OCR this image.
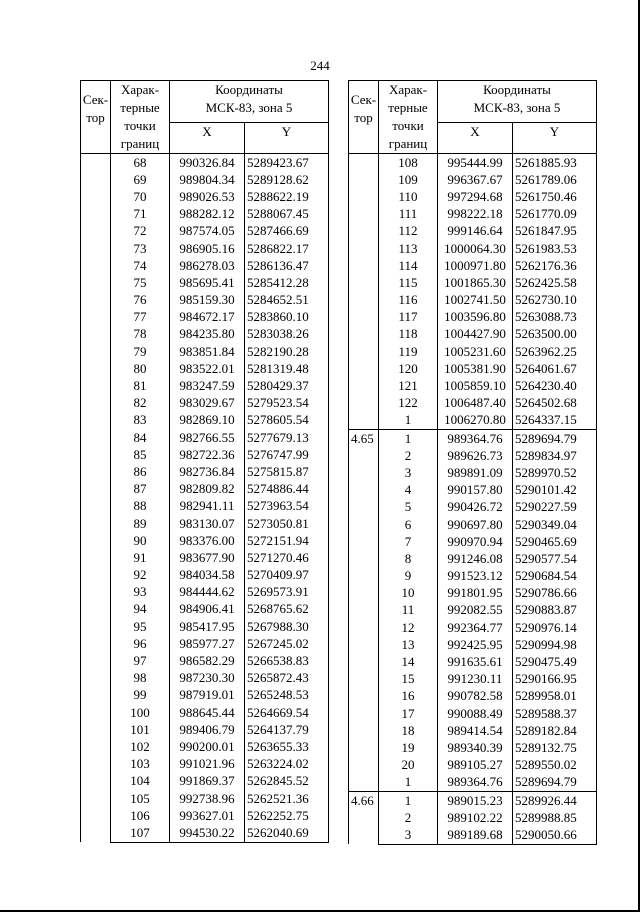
244
Сек-
тор	Харак-
терные
точки
границ	Координаты
МСК-83, зона 5	
		X	Y
	68	990326.84	5289423.67
	69	989804.34	5289128.62
	70	989026.53	5288622.19
	71	988282.12	5288067.45
	72	987574.05	5287466.69
	73	986905.16	5286822.17
	74	986278.03	5286136.47
	75	985695.41	5285412.28
	76	985159.30	5284652.51
	77	984672.17	5283860.10
	78	984235.80	5283038.26
	79	983851.84	5282190.28
	80	983522.01	5281319.48
	81	983247.59	5280429.37
	82	983029.67	5279523.54
	83	982869.10	5278605.54
	84	982766.55	5277679.13
	85	982722.36	5276747.99
	86	982736.84	5275815.87
	87	982809.82	5274886.44
	88	982941.11	5273963.54
	89	983130.07	5273050.81
	90	983376.00	5272151.94
	91	983677.90	5271270.46
	92	984034.58	5270409.97
	93	984444.62	5269573.91
	94	984906.41	5268765.62
	95	985417.95	5267988.30
	96	985977.27	5267245.02
	97	986582.29	5266538.83
	98	987230.30	5265872.43
	99	987919.01	5265248.53
	100	988645.44	5264669.54
	101	989406.79	5264137.79
	102	990200.01	5263655.33
	103	991021.96	5263224.02
	104	991869.37	5262845.52
	105	992738.96	5262521.36
	106	993627.01	5262252.75
	107	994530.22	5262040.69
Сек-
тор	Харак-
терные
точки
границ	Координаты
МСК-83, зона 5	
		X	Y

	108	995444.99	5261885.93
	109	996367.67	5261789.06
	110	997294.68	5261750.46
	111	998222.18	5261770.09
	112	999146.64	5261847.95
	113	1000064.30	5261983.53
	114	1000971.80	5262176.36
	115	1001865.30	5262425.58
	116	1002741.50	5262730.10
	117	1003596.80	5263088.73
	118	1004427.90	5263500.00
	119	1005231.60	5263962.25
	120	1005381.90	5264061.67
	121	1005859.10	5264230.40
	122	1006487.40	5264502.68
	1	1006270.80	5264337.15

4.65	1	989364.76	5289694.79
	2	989626.73	5289834.97
	3	989891.09	5289970.52
	4	990157.80	5290101.42
	5	990426.72	5290227.59
	6	990697.80	5290349.04
	7	990970.94	5290465.69
	8	991246.08	5290577.54
	9	991523.12	5290684.54
	10	991801.95	5290786.66
	11	992082.55	5290883.87
	12	992364.77	5290976.14
	13	992425.95	5290994.98
	14	991635.61	5290475.49
	15	991230.11	5290166.95
	16	990782.58	5289958.01
	17	990088.49	5289588.37
	18	989414.54	5289182.84
	19	989340.39	5289132.75
	20	989105.27	5289550.02
	1	989364.76	5289694.79

4.66	1	989015.23	5289926.44
	2	989102.22	5289988.85
	3	989189.68	5290050.66
